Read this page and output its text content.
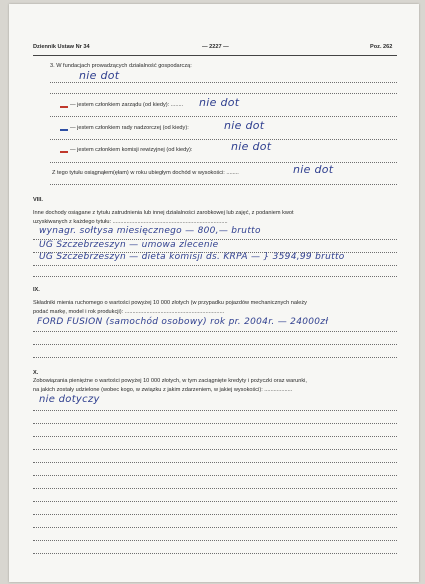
Dziennik Ustaw Nr 34	— 2227 —	Poz. 262
3. W fundacjach prowadzących działalność gospodarczą:
nie dot
— jestem członkiem zarządu (od kiedy): ........ nie dot
— jestem członkiem rady nadzorczej (od kiedy):	nie dot
— jestem członkiem komisji rewizyjnej (od kiedy):	nie dot
Z tego tytułu osiągnąłem(ęłam) w roku ubiegłym dochód w wysokości: ........	nie dot
VIII.
Inne dochody osiągane z tytułu zatrudnienia lub innej działalności zarobkowej lub zajęć, z podaniem kwot
uzyskiwanych z każdego tytułu: ..........................................................................
wynagr. sołtysa miesięcznego — 800,— brutto
UG Szczebrzeszyn — umowa zlecenie
UG Szczebrzeszyn — dieta komisji ds. KRPA — } 3594,99 brutto
IX.
Składniki mienia ruchomego o wartości powyżej 10 000 złotych (w przypadku pojazdów mechanicznych należy
podać markę, model i rok produkcji): ................................................................
FORD FUSION (samochód osobowy) rok pr. 2004r. — 24000zł
X.
Zobowiązania pieniężne o wartości powyżej 10 000 złotych, w tym zaciągnięte kredyty i pożyczki oraz warunki,
na jakich zostały udzielone (wobec kogo, w związku z jakim zdarzeniem, w jakiej wysokości): ..................
nie dotyczy
